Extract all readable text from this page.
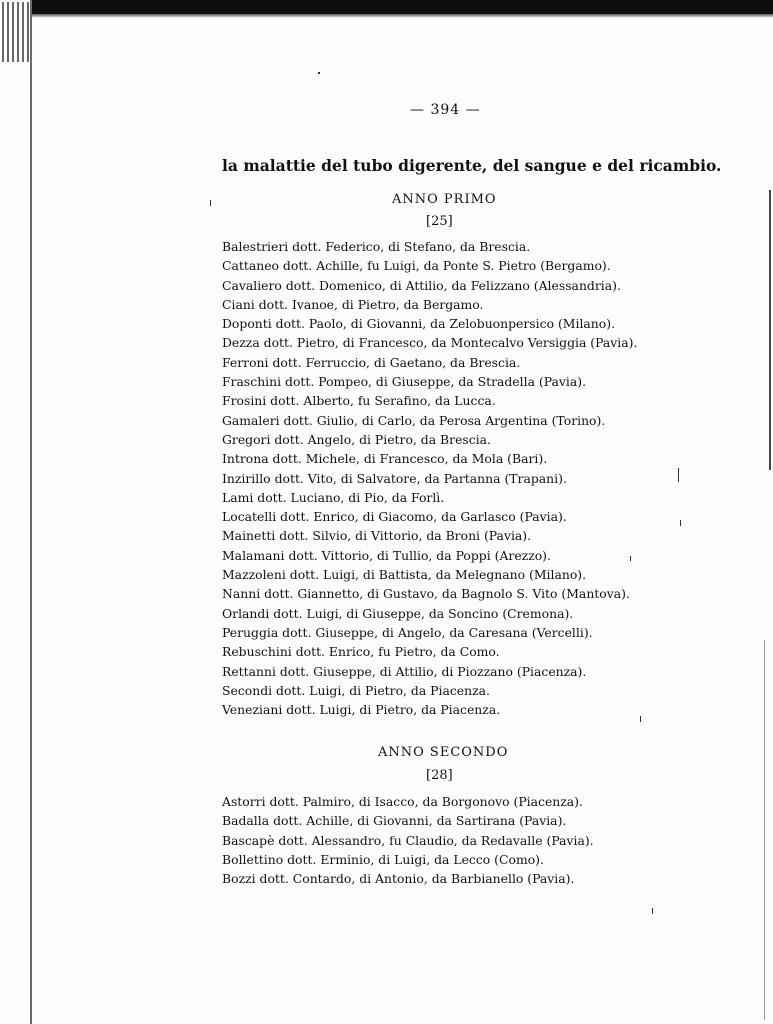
— 394 —
la malattie del tubo digerente, del sangue e del ricambio.
ANNO PRIMO
[25]
Balestrieri dott. Federico, di Stefano, da Brescia.
Cattaneo dott. Achille, fu Luigi, da Ponte S. Pietro (Bergamo).
Cavaliero dott. Domenico, di Attilio, da Felizzano (Alessandria).
Ciani dott. Ivanoe, di Pietro, da Bergamo.
Doponti dott. Paolo, di Giovanni, da Zelobuonpersico (Milano).
Dezza dott. Pietro, di Francesco, da Montecalvo Versiggia (Pavia).
Ferroni dott. Ferruccio, di Gaetano, da Brescia.
Fraschini dott. Pompeo, di Giuseppe, da Stradella (Pavia).
Frosini dott. Alberto, fu Serafino, da Lucca.
Gamaleri dott. Giulio, di Carlo, da Perosa Argentina (Torino).
Gregori dott. Angelo, di Pietro, da Brescia.
Introna dott. Michele, di Francesco, da Mola (Bari).
Inzirillo dott. Vito, di Salvatore, da Partanna (Trapani).
Lami dott. Luciano, di Pio, da Forlì.
Locatelli dott. Enrico, di Giacomo, da Garlasco (Pavia).
Mainetti dott. Silvio, di Vittorio, da Broni (Pavia).
Malamani dott. Vittorio, di Tullio, da Poppi (Arezzo).
Mazzoleni dott. Luigi, di Battista, da Melegnano (Milano).
Nanni dott. Giannetto, di Gustavo, da Bagnolo S. Vito (Mantova).
Orlandi dott. Luigi, di Giuseppe, da Soncino (Cremona).
Peruggia dott. Giuseppe, di Angelo, da Caresana (Vercelli).
Rebuschini dott. Enrico, fu Pietro, da Como.
Rettanni dott. Giuseppe, di Attilio, di Piozzano (Piacenza).
Secondi dott. Luigi, di Pietro, da Piacenza.
Veneziani dott. Luigi, di Pietro, da Piacenza.
ANNO SECONDO
[28]
Astorri dott. Palmiro, di Isacco, da Borgonovo (Piacenza).
Badalla dott. Achille, di Giovanni, da Sartirana (Pavia).
Bascapè dott. Alessandro, fu Claudio, da Redavalle (Pavia).
Bollettino dott. Erminio, di Luigi, da Lecco (Como).
Bozzi dott. Contardo, di Antonio, da Barbianello (Pavia).
